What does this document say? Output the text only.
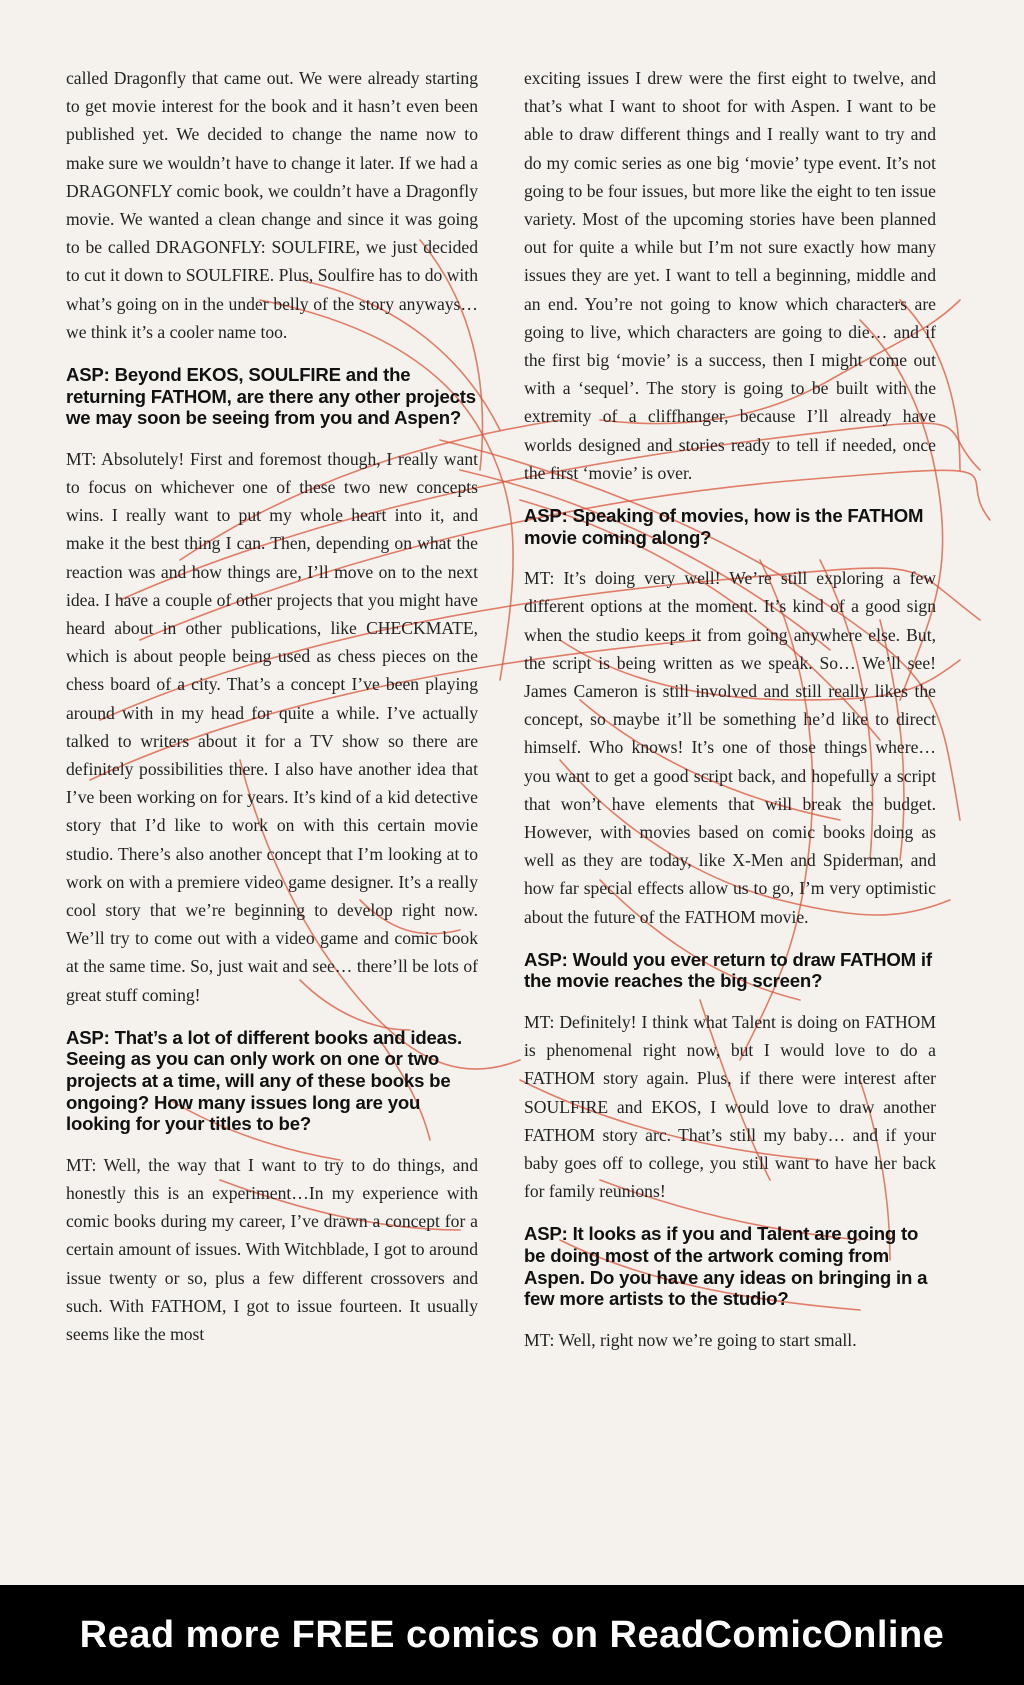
called Dragonfly that came out. We were already starting to get movie interest for the book and it hasn’t even been published yet. We decided to change the name now to make sure we wouldn’t have to change it later. If we had a DRAGONFLY comic book, we couldn’t have a Dragonfly movie. We wanted a clean change and since it was going to be called DRAGONFLY: SOULFIRE, we just decided to cut it down to SOULFIRE. Plus, Soulfire has to do with what’s going on in the under belly of the story anyways… we think it’s a cooler name too.

ASP: Beyond EKOS, SOULFIRE and the returning FATHOM, are there any other projects we may soon be seeing from you and Aspen?

MT: Absolutely! First and foremost though, I really want to focus on whichever one of these two new concepts wins. I really want to put my whole heart into it, and make it the best thing I can. Then, depending on what the reaction was and how things are, I’ll move on to the next idea. I have a couple of other projects that you might have heard about in other publications, like CHECKMATE, which is about people being used as chess pieces on the chess board of a city. That’s a concept I’ve been playing around with in my head for quite a while. I’ve actually talked to writers about it for a TV show so there are definitely possibilities there. I also have another idea that I’ve been working on for years. It’s kind of a kid detective story that I’d like to work on with this certain movie studio. There’s also another concept that I’m looking at to work on with a premiere video game designer. It’s a really cool story that we’re beginning to develop right now. We’ll try to come out with a video game and comic book at the same time. So, just wait and see… there’ll be lots of great stuff coming!

ASP: That’s a lot of different books and ideas. Seeing as you can only work on one or two projects at a time, will any of these books be ongoing? How many issues long are you looking for your titles to be?

MT: Well, the way that I want to try to do things, and honestly this is an experiment…In my experience with comic books during my career, I’ve drawn a concept for a certain amount of issues. With Witchblade, I got to around issue twenty or so, plus a few different crossovers and such. With FATHOM, I got to issue fourteen. It usually seems like the most

exciting issues I drew were the first eight to twelve, and that’s what I want to shoot for with Aspen. I want to be able to draw different things and I really want to try and do my comic series as one big ‘movie’ type event. It’s not going to be four issues, but more like the eight to ten issue variety. Most of the upcoming stories have been planned out for quite a while but I’m not sure exactly how many issues they are yet. I want to tell a beginning, middle and an end. You’re not going to know which characters are going to live, which characters are going to die… and if the first big ‘movie’ is a success, then I might come out with a ‘sequel’. The story is going to be built with the extremity of a cliffhanger, because I’ll already have worlds designed and stories ready to tell if needed, once the first ‘movie’ is over.

ASP: Speaking of movies, how is the FATHOM movie coming along?

MT: It’s doing very well! We’re still exploring a few different options at the moment. It’s kind of a good sign when the studio keeps it from going anywhere else. But, the script is being written as we speak. So… We’ll see! James Cameron is still involved and still really likes the concept, so maybe it’ll be something he’d like to direct himself. Who knows! It’s one of those things where… you want to get a good script back, and hopefully a script that won’t have elements that will break the budget. However, with movies based on comic books doing as well as they are today, like X-Men and Spiderman, and how far special effects allow us to go, I’m very optimistic about the future of the FATHOM movie.

ASP: Would you ever return to draw FATHOM if the movie reaches the big screen?

MT: Definitely! I think what Talent is doing on FATHOM is phenomenal right now, but I would love to do a FATHOM story again. Plus, if there were interest after SOULFIRE and EKOS, I would love to draw another FATHOM story arc. That’s still my baby… and if your baby goes off to college, you still want to have her back for family reunions!

ASP: It looks as if you and Talent are going to be doing most of the artwork coming from Aspen. Do you have any ideas on bringing in a few more artists to the studio?

MT: Well, right now we’re going to start small.

Read more FREE comics on ReadComicOnline
